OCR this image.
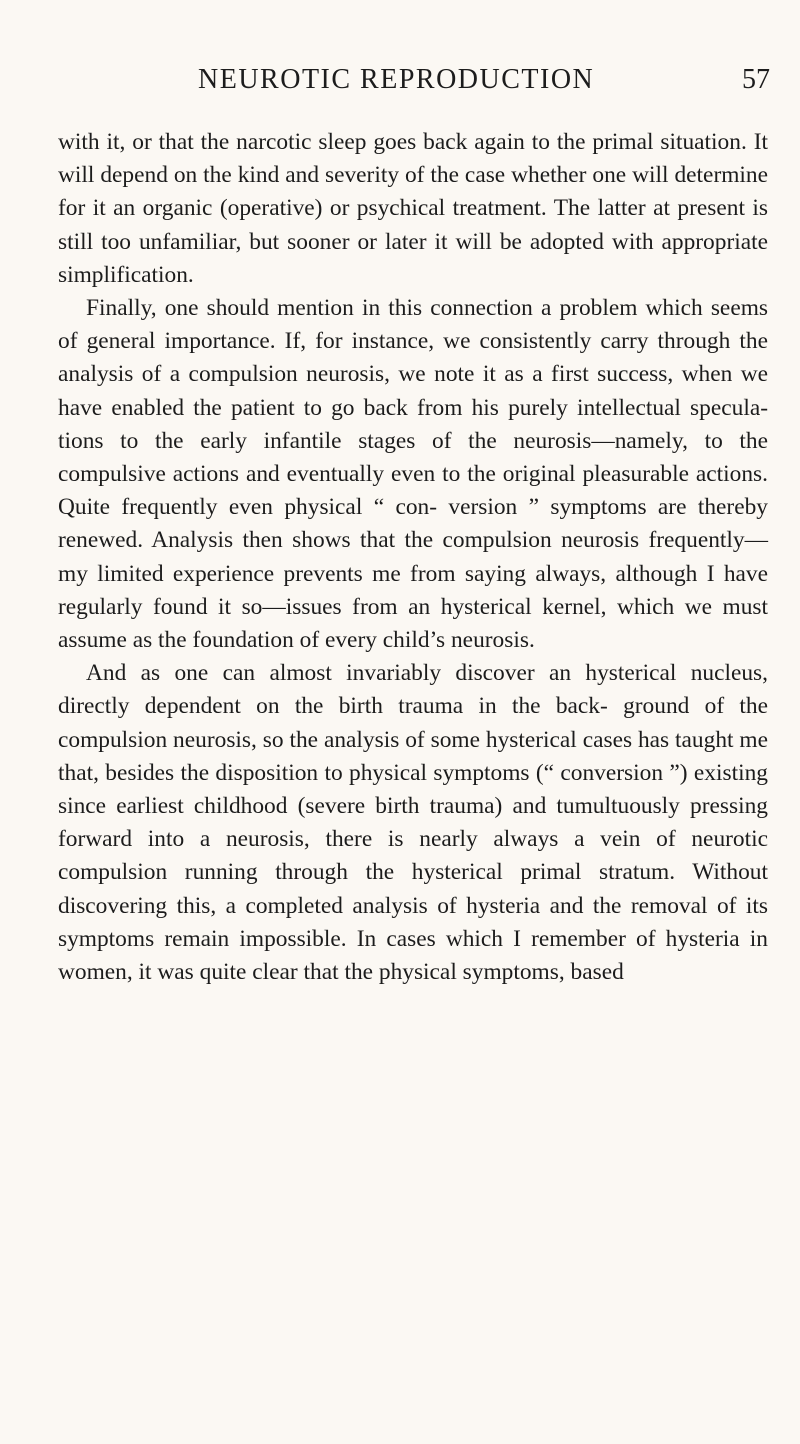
NEUROTIC REPRODUCTION	57

with it, or that the narcotic sleep goes back again to the primal situation. It will depend on the kind and severity of the case whether one will determine for it an organic (operative) or psychical treatment. The latter at present is still too unfamiliar, but sooner or later it will be adopted with appropriate simplification.

Finally, one should mention in this connection a problem which seems of general importance. If, for instance, we consistently carry through the analysis of a compulsion neurosis, we note it as a first success, when we have enabled the patient to go back from his purely intellectual specula- tions to the early infantile stages of the neurosis—namely, to the compulsive actions and eventually even to the original pleasurable actions. Quite frequently even physical “ con- version ” symptoms are thereby renewed. Analysis then shows that the compulsion neurosis frequently—my limited experience prevents me from saying always, although I have regularly found it so—issues from an hysterical kernel, which we must assume as the foundation of every child’s neurosis.

And as one can almost invariably discover an hysterical nucleus, directly dependent on the birth trauma in the back- ground of the compulsion neurosis, so the analysis of some hysterical cases has taught me that, besides the disposition to physical symptoms (“ conversion ”) existing since earliest childhood (severe birth trauma) and tumultuously pressing forward into a neurosis, there is nearly always a vein of neurotic compulsion running through the hysterical primal stratum. Without discovering this, a completed analysis of hysteria and the removal of its symptoms remain impossible. In cases which I remember of hysteria in women, it was quite clear that the physical symptoms, based
